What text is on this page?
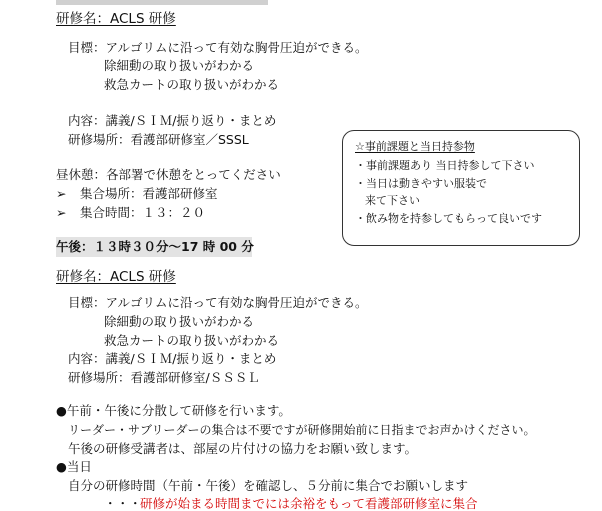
研修名：ACLS 研修
目標：アルゴリムに沿って有効な胸骨圧迫ができる。
除細動の取り扱いがわかる
救急カートの取り扱いがわかる
内容：講義/ＳＩＭ/振り返り・まとめ
研修場所：看護部研修室／SSSL
昼休憩：各部署で休憩をとってください
➢ 集合場所：看護部研修室
➢ 集合時間：１３：２０
午後：１３時３０分〜17 時 00 分
研修名：ACLS 研修
目標：アルゴリムに沿って有効な胸骨圧迫ができる。
除細動の取り扱いがわかる
救急カートの取り扱いがわかる
内容：講義/ＳＩＭ/振り返り・まとめ
研修場所：看護部研修室/ＳＳＳＬ
☆事前課題と当日持参物
・事前課題あり 当日持参して下さい
・当日は動きやすい服装で
来て下さい
・飲み物を持参してもらって良いです
●午前・午後に分散して研修を行います。
リーダー・サブリーダーの集合は不要ですが研修開始前に日指までお声かけください。
午後の研修受講者は、部屋の片付けの協力をお願い致します。
●当日
自分の研修時間（午前・午後）を確認し、５分前に集合でお願いします
・・・
研修が始まる時間までには余裕をもって看護部研修室に集合
